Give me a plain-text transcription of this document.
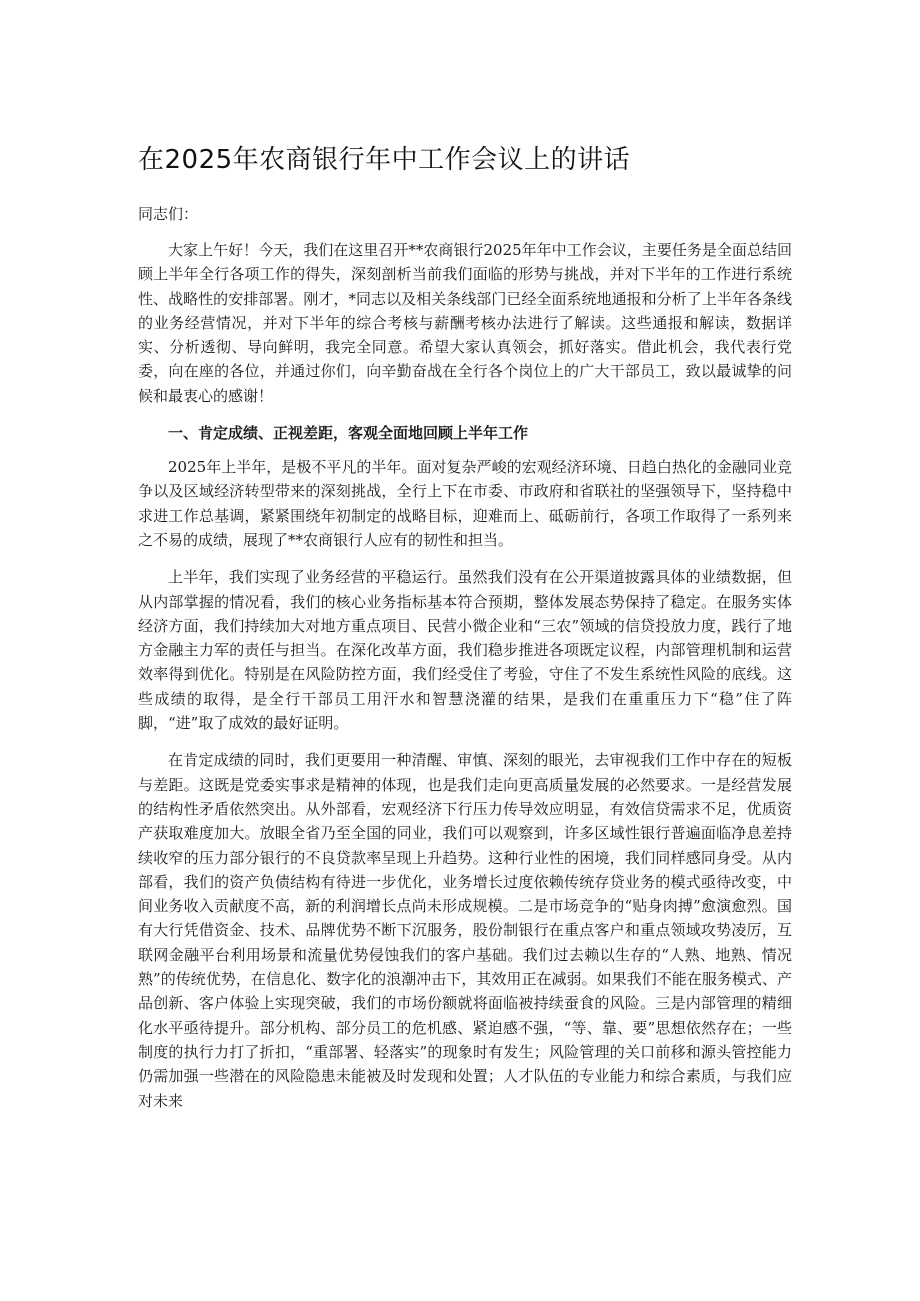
在2025年农商银行年中工作会议上的讲话

同志们：

大家上午好！今天，我们在这里召开**农商银行2025年年中工作会议，主要任务是全面总结回顾上半年全行各项工作的得失，深刻剖析当前我们面临的形势与挑战，并对下半年的工作进行系统性、战略性的安排部署。刚才，*同志以及相关条线部门已经全面系统地通报和分析了上半年各条线的业务经营情况，并对下半年的综合考核与薪酬考核办法进行了解读。这些通报和解读，数据详实、分析透彻、导向鲜明，我完全同意。希望大家认真领会，抓好落实。借此机会，我代表行党委，向在座的各位，并通过你们，向辛勤奋战在全行各个岗位上的广大干部员工，致以最诚挚的问候和最衷心的感谢！

一、肯定成绩、正视差距，客观全面地回顾上半年工作

2025年上半年，是极不平凡的半年。面对复杂严峻的宏观经济环境、日趋白热化的金融同业竞争以及区域经济转型带来的深刻挑战，全行上下在市委、市政府和省联社的坚强领导下，坚持稳中求进工作总基调，紧紧围绕年初制定的战略目标，迎难而上、砥砺前行，各项工作取得了一系列来之不易的成绩，展现了**农商银行人应有的韧性和担当。

上半年，我们实现了业务经营的平稳运行。虽然我们没有在公开渠道披露具体的业绩数据，但从内部掌握的情况看，我们的核心业务指标基本符合预期，整体发展态势保持了稳定。在服务实体经济方面，我们持续加大对地方重点项目、民营小微企业和“三农”领域的信贷投放力度，践行了地方金融主力军的责任与担当。在深化改革方面，我们稳步推进各项既定议程，内部管理机制和运营效率得到优化。特别是在风险防控方面，我们经受住了考验，守住了不发生系统性风险的底线。这些成绩的取得，是全行干部员工用汗水和智慧浇灌的结果，是我们在重重压力下“稳”住了阵脚，“进”取了成效的最好证明。

在肯定成绩的同时，我们更要用一种清醒、审慎、深刻的眼光，去审视我们工作中存在的短板与差距。这既是党委实事求是精神的体现，也是我们走向更高质量发展的必然要求。一是经营发展的结构性矛盾依然突出。从外部看，宏观经济下行压力传导效应明显，有效信贷需求不足，优质资产获取难度加大。放眼全省乃至全国的同业，我们可以观察到，许多区域性银行普遍面临净息差持续收窄的压力部分银行的不良贷款率呈现上升趋势。这种行业性的困境，我们同样感同身受。从内部看，我们的资产负债结构有待进一步优化，业务增长过度依赖传统存贷业务的模式亟待改变，中间业务收入贡献度不高，新的利润增长点尚未形成规模。二是市场竞争的“贴身肉搏”愈演愈烈。国有大行凭借资金、技术、品牌优势不断下沉服务，股份制银行在重点客户和重点领域攻势凌厉，互联网金融平台利用场景和流量优势侵蚀我们的客户基础。我们过去赖以生存的“人熟、地熟、情况熟”的传统优势，在信息化、数字化的浪潮冲击下，其效用正在减弱。如果我们不能在服务模式、产品创新、客户体验上实现突破，我们的市场份额就将面临被持续蚕食的风险。三是内部管理的精细化水平亟待提升。部分机构、部分员工的危机感、紧迫感不强，“等、靠、要”思想依然存在；一些制度的执行力打了折扣，“重部署、轻落实”的现象时有发生；风险管理的关口前移和源头管控能力仍需加强一些潜在的风险隐患未能被及时发现和处置；人才队伍的专业能力和综合素质，与我们应对未来
